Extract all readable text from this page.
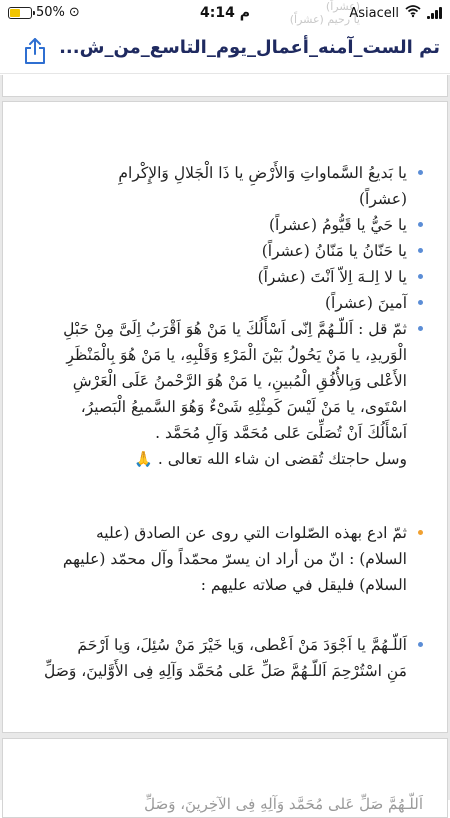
50% ⊙	4:14 م	(عشراً)
يا رحيم (عشراً)
Asiacell
تم الست_آمنه_أعمال_يوم_التاسع_من_ش...
يا بَديعُ السَّماواتِ وَالأَرْضِ يا ذَا الْجَلالِ وَالإِكْرامِ
(عشراً)
يا حَيُّ يا قَيُّومُ (عشراً)
يا حَنّانُ يا مَنّانُ (عشراً)
يا لا اِلـهَ اِلاّ اَنْتَ (عشراً)
آمينَ (عشراً)
ثمّ قل : اَللّـهُمَّ اِنّى اَسْأَلُكَ يا مَنْ هُوَ اَقْرَبُ اِلَىَّ مِنْ حَبْلِ
الْوَريدِ، يا مَنْ يَحُولُ بَيْنَ الْمَرْءِ وَقَلْبِهِ، يا مَنْ هُوَ بِالْمَنْظَرِ
الأَعْلى وَبِالأُفُقِ الْمُبينِ، يا مَنْ هُوَ الرَّحْمنُ عَلَى الْعَرْشِ
اسْتَوى، يا مَنْ لَيْسَ كَمِثْلِهِ شَىْءٌ وَهُوَ السَّميعُ الْبَصيرُ،
اَسْأَلُكَ اَنْ تُصَلِّىَ عَلى مُحَمَّد وَآلِ مُحَمَّد .
وسل حاجتك تُقضى ان شاء الله تعالى . 🙏
ثمّ ادع بهذه الصّلوات التي روى عن الصادق (عليه
السلام) : انّ من أراد ان يسرّ محمّداً وآل محمّد (عليهم
السلام) فليقل في صلاته عليهم :
اَللّـهُمَّ يا اَجْوَدَ مَنْ اَعْطى، وَيا خَيْرَ مَنْ سُئِلَ، وَيا اَرْحَمَ
مَنِ اسْتُرْحِمَ اَللّـهُمَّ صَلِّ عَلى مُحَمَّد وَآلِهِ فِى الأَوَّلينَ، وَصَلِّ
اَللّـهُمَّ صَلِّ عَلى مُحَمَّد وَآلِهِ فِى الآخِرينَ، وَصَلِّ
